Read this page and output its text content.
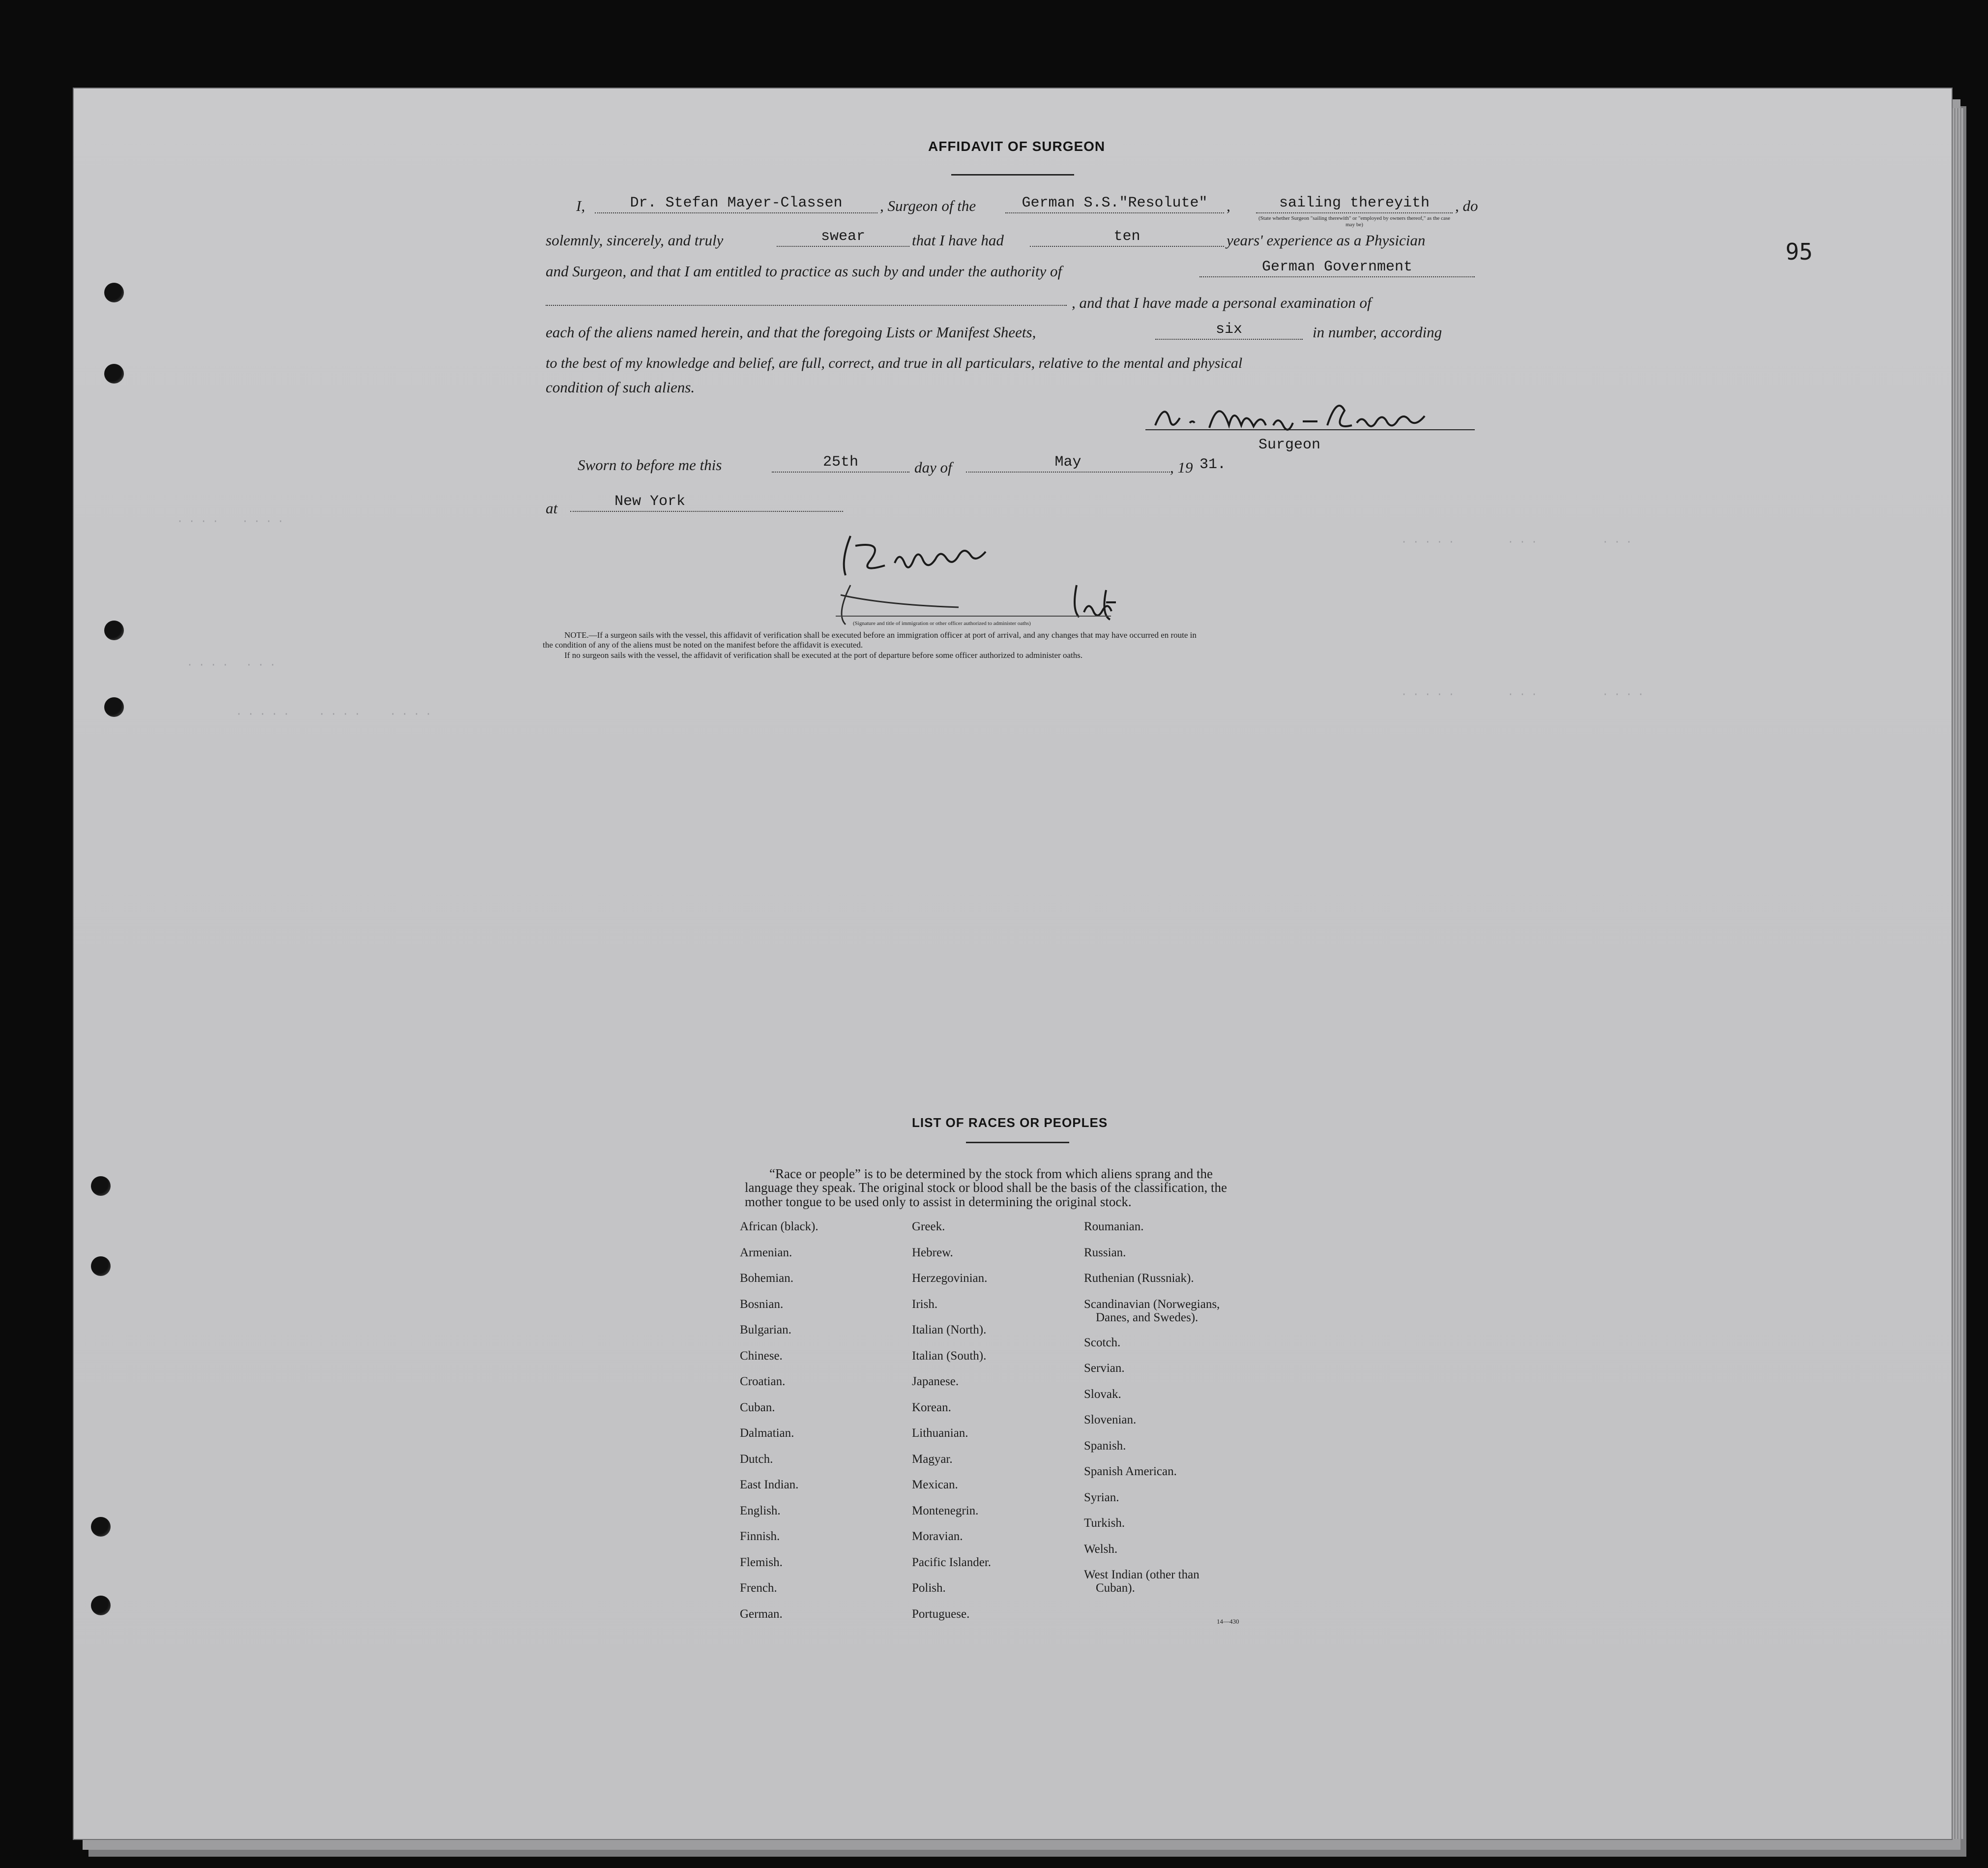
95
· · · ·    · · · ·
· · · ·   · · ·
· · · · ·     · · · ·     · · · ·
· · · · ·         · · ·           · · ·
· · · · ·         · · ·           · · · ·
AFFIDAVIT OF SURGEON
I,	Dr. Stefan Mayer-Classen	, Surgeon of the	German S.S."Resolute"	,	sailing thereyith	, do
(State whether Surgeon "sailing therewith" or "employed by owners thereof," as the case may be)
solemnly, sincerely, and truly	swear	that I have had	ten	years' experience as a Physician
and Surgeon, and that I am entitled to practice as such by and under the authority of	German Government
, and that I have made a personal examination of
each of the aliens named herein, and that the foregoing Lists or Manifest Sheets,	six	in number, according
to the best of my knowledge and belief, are full, correct, and true in all particulars, relative to the mental and physical
condition of such aliens.
Surgeon
Sworn to before me this	25th	day of	May	, 19 31.
at	New York
(Signature and title of immigration or other officer authorized to administer oaths)
NOTE.—If a surgeon sails with the vessel, this affidavit of verification shall be executed before an immigration officer at port of arrival, and any changes that may have occurred en route in
the condition of any of the aliens must be noted on the manifest before the affidavit is executed.
If no surgeon sails with the vessel, the affidavit of verification shall be executed at the port of departure before some officer authorized to administer oaths.
LIST OF RACES OR PEOPLES
“Race or people” is to be determined by the stock from which aliens sprang and the language they speak. The original stock or blood shall be the basis of the classification, the mother tongue to be used only to assist in determining the original stock.
African (black).
Armenian.
Bohemian.
Bosnian.
Bulgarian.
Chinese.
Croatian.
Cuban.
Dalmatian.
Dutch.
East Indian.
English.
Finnish.
Flemish.
French.
German.
Greek.
Hebrew.
Herzegovinian.
Irish.
Italian (North).
Italian (South).
Japanese.
Korean.
Lithuanian.
Magyar.
Mexican.
Montenegrin.
Moravian.
Pacific Islander.
Polish.
Portuguese.
Roumanian.
Russian.
Ruthenian (Russniak).
Scandinavian (Norwegians,
Danes, and Swedes).
Scotch.
Servian.
Slovak.
Slovenian.
Spanish.
Spanish American.
Syrian.
Turkish.
Welsh.
West Indian (other than
Cuban).
14—430
